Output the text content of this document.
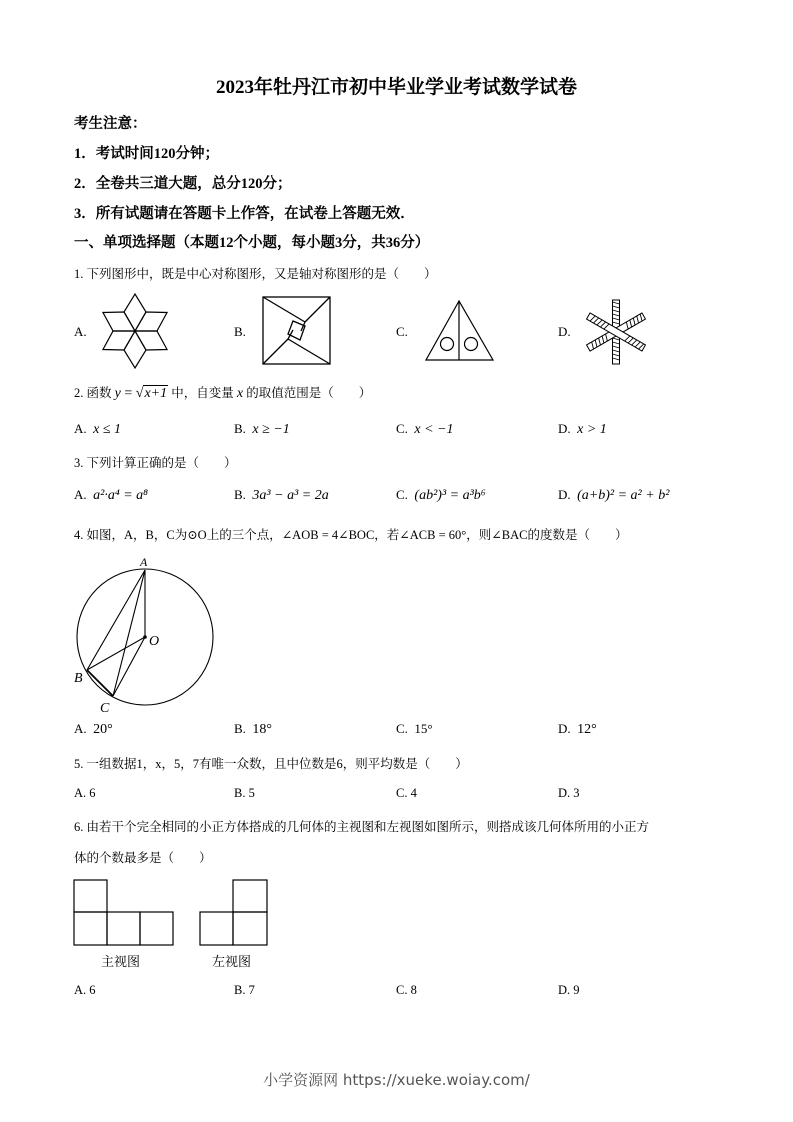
2023年牡丹江市初中毕业学业考试数学试卷
考生注意：
1．考试时间120分钟；
2．全卷共三道大题，总分120分；
3．所有试题请在答题卡上作答，在试卷上答题无效．
一、单项选择题（本题12个小题，每小题3分，共36分）
1. 下列图形中，既是中心对称图形，又是轴对称图形的是（　　）
A.	B.	C.	D.
2. 函数 y = √x+1 中，自变量 x 的取值范围是（　　）
A. x ≤ 1	B. x ≥ −1	C. x < −1	D. x > 1
3. 下列计算正确的是（　　）
A. a²·a⁴ = a⁸	B. 3a³ − a³ = 2a	C. (ab²)³ = a³b⁶	D. (a+b)² = a² + b²
4. 如图，A，B，C为⊙O上的三个点，∠AOB = 4∠BOC，若∠ACB = 60°，则∠BAC的度数是（　　）
A
O
B
C
A. 20°	B. 18°	C. 15°	D. 12°
5. 一组数据1，x，5，7有唯一众数，且中位数是6，则平均数是（　　）
A. 6	B. 5	C. 4	D. 3
6. 由若干个完全相同的小正方体搭成的几何体的主视图和左视图如图所示，则搭成该几何体所用的小正方
体的个数最多是（　　）
主视图	左视图
A. 6	B. 7	C. 8	D. 9
小学资源网 https://xueke.woiay.com/
